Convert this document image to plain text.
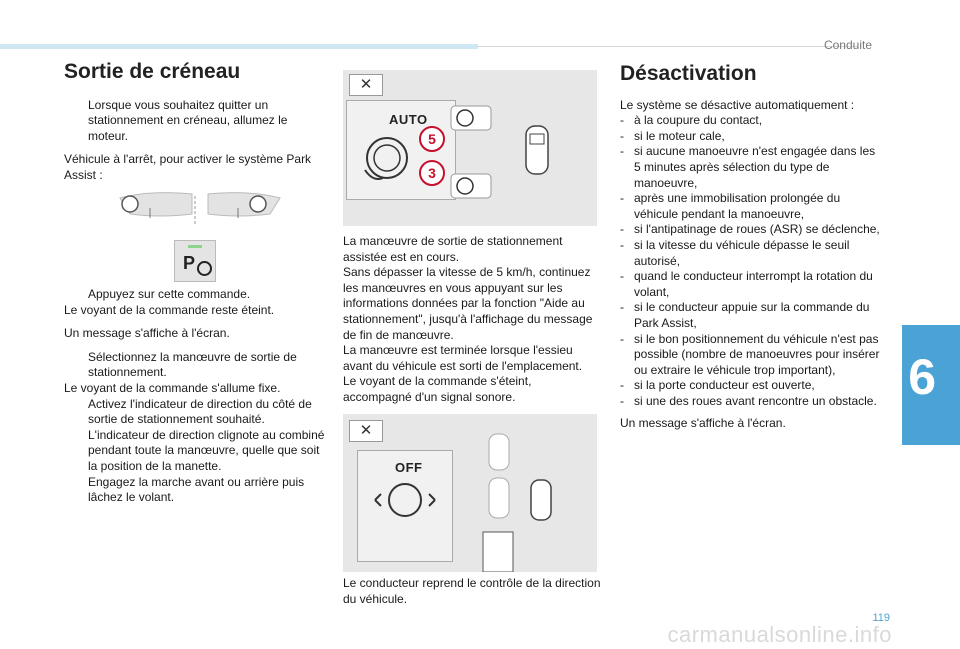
Conduite
6
119
carmanualsonline.info
Sortie de créneau

Lorsque vous souhaitez quitter un stationnement en créneau, allumez le moteur.

Véhicule à l'arrêt, pour activer le système Park Assist :

P
Appuyez sur cette commande.

Le voyant de la commande reste éteint.

Un message s'affiche à l'écran.

Sélectionnez la manœuvre de sortie de stationnement.
Le voyant de la commande s'allume fixe.
Activez l'indicateur de direction du côté de sortie de stationnement souhaité.
L'indicateur de direction clignote au combiné pendant toute la manœuvre, quelle que soit la position de la manette.
Engagez la marche avant ou arrière puis lâchez le volant.
✕
AUTO
5
3
La manœuvre de sortie de stationnement assistée est en cours.
Sans dépasser la vitesse de 5 km/h, continuez les manœuvres en vous appuyant sur les informations données par la fonction "Aide au stationnement", jusqu'à l'affichage du message de fin de manœuvre.
La manœuvre est terminée lorsque l'essieu avant du véhicule est sorti de l'emplacement.
Le voyant de la commande s'éteint, accompagné d'un signal sonore.
✕
OFF
Le conducteur reprend le contrôle de la direction du véhicule.
Désactivation
Le système se désactive automatiquement :
- à la coupure du contact,
- si le moteur cale,
- si aucune manoeuvre n'est engagée dans les 5 minutes après sélection du type de manoeuvre,
- après une immobilisation prolongée du véhicule pendant la manoeuvre,
- si l'antipatinage de roues (ASR) se déclenche,
- si la vitesse du véhicule dépasse le seuil autorisé,
- quand le conducteur interrompt la rotation du volant,
- si le conducteur appuie sur la commande du Park Assist,
- si le bon positionnement du véhicule n'est pas possible (nombre de manoeuvres pour insérer ou extraire le véhicule trop important),
- si la porte conducteur est ouverte,
- si une des roues avant rencontre un obstacle.
Un message s'affiche à l'écran.
